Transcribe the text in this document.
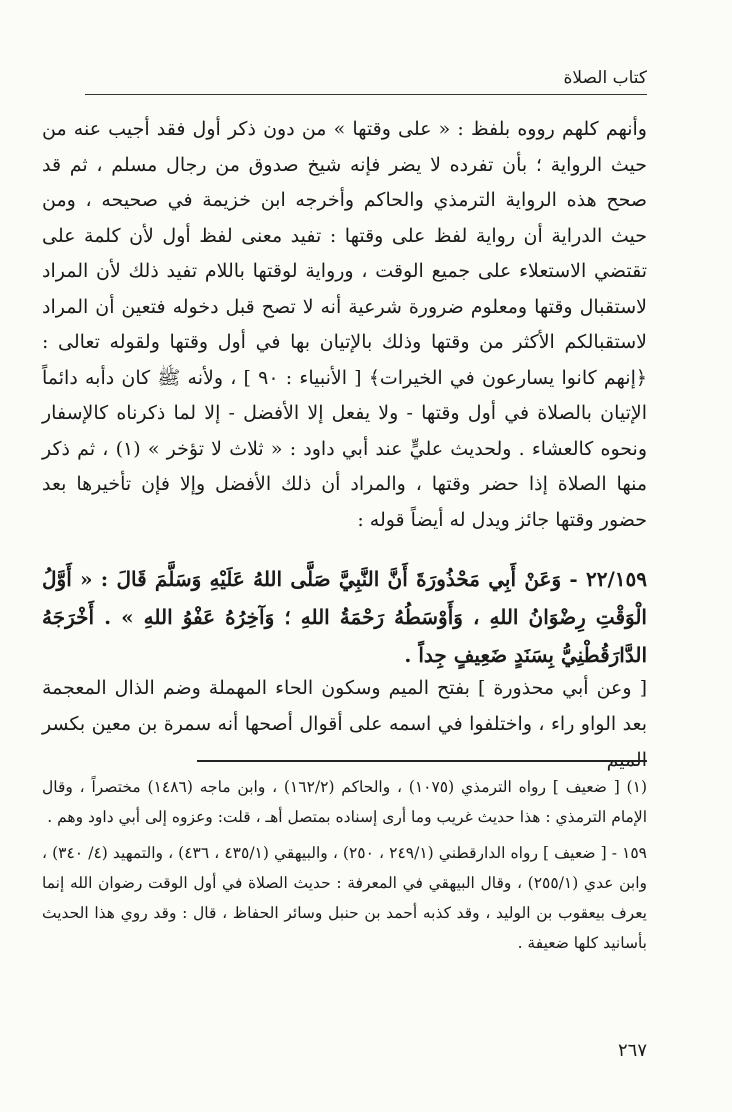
كتاب الصلاة

وأنهم كلهم رووه بلفظ : « على وقتها » من دون ذكر أول فقد أجيب عنه من حيث الرواية ؛ بأن تفرده لا يضر فإنه شيخ صدوق من رجال مسلم ، ثم قد صحح هذه الرواية الترمذي والحاكم وأخرجه ابن خزيمة في صحيحه ، ومن حيث الدراية أن رواية لفظ على وقتها : تفيد معنى لفظ أول لأن كلمة على تقتضي الاستعلاء على جميع الوقت ، ورواية لوقتها باللام تفيد ذلك لأن المراد لاستقبال وقتها ومعلوم ضرورة شرعية أنه لا تصح قبل دخوله فتعين أن المراد لاستقبالكم الأكثر من وقتها وذلك بالإتيان بها في أول وقتها ولقوله تعالى : ﴿إنهم كانوا يسارعون في الخيرات﴾ [ الأنبياء : ٩٠ ] ، ولأنه ﷺ كان دأبه دائماً الإتيان بالصلاة في أول وقتها - ولا يفعل إلا الأفضل - إلا لما ذكرناه كالإسفار ونحوه كالعشاء . ولحديث عليٍّ عند أبي داود : « ثلاث لا تؤخر » (١) ، ثم ذكر منها الصلاة إذا حضر وقتها ، والمراد أن ذلك الأفضل وإلا فإن تأخيرها بعد حضور وقتها جائز ويدل له أيضاً قوله :

٢٢/١٥٩ - وَعَنْ أَبِي مَحْذُورَةَ أَنَّ النَّبِيَّ صَلَّى اللهُ عَلَيْهِ وَسَلَّمَ قَالَ : « أَوَّلُ الْوَقْتِ رِضْوَانُ اللهِ ، وَأَوْسَطُهُ رَحْمَةُ اللهِ ؛ وَآخِرُهُ عَفْوُ اللهِ » . أَخْرَجَهُ الدَّارَقُطْنِيُّ بِسَنَدٍ ضَعِيفٍ جِداً .

[ وعن أبي محذورة ] بفتح الميم وسكون الحاء المهملة وضم الذال المعجمة بعد الواو راء ، واختلفوا في اسمه على أقوال أصحها أنه سمرة بن معين بكسر الميم

(١) [ ضعيف ] رواه الترمذي (١٠٧٥) ، والحاكم (١٦٢/٢) ، وابن ماجه (١٤٨٦) مختصراً ، وقال الإمام الترمذي : هذا حديث غريب وما أرى إسناده بمتصل أهـ ، قلت: وعزوه إلى أبي داود وهم .

١٥٩ - [ ضعيف ] رواه الدارقطني (٢٤٩/١ ، ٢٥٠) ، والبيهقي (٤٣٥/١ ، ٤٣٦) ، والتمهيد (٤/ ٣٤٠) ، وابن عدي (٢٥٥/١) ، وقال البيهقي في المعرفة : حديث الصلاة في أول الوقت رضوان الله إنما يعرف بيعقوب بن الوليد ، وقد كذبه أحمد بن حنبل وسائر الحفاظ ، قال : وقد روي هذا الحديث بأسانيد كلها ضعيفة .

٢٦٧
